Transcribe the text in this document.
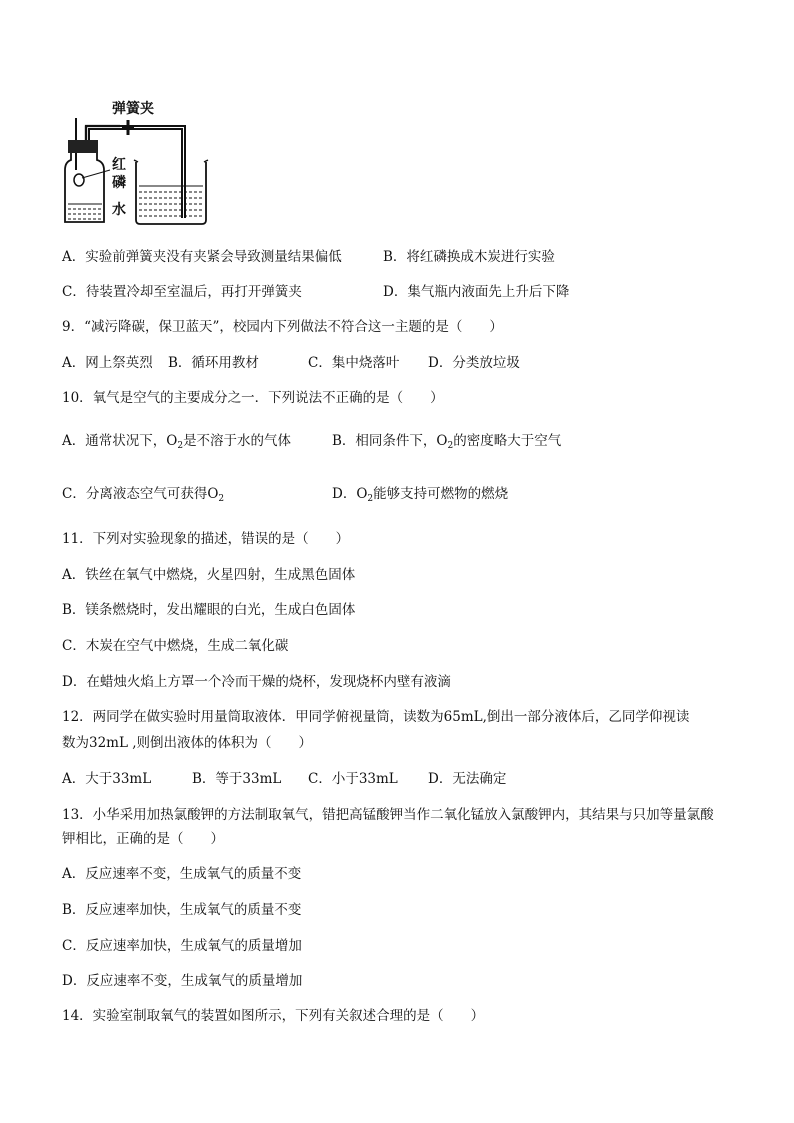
弹簧夹
红
磷
水
A．实验前弹簧夹没有夹紧会导致测量结果偏低	B．将红磷换成木炭进行实验
C．待装置冷却至室温后，再打开弹簧夹	D．集气瓶内液面先上升后下降
9．“减污降碳，保卫蓝天”，校园内下列做法不符合这一主题的是（　　）
A．网上祭英烈 B．循环用教材	C．集中烧落叶 D．分类放垃圾
10．氧气是空气的主要成分之一．下列说法不正确的是（　　）
A．通常状况下，$O_2$是不溶于水的气体	B．相同条件下，$O_2$的密度略大于空气
C．分离液态空气可获得$O_2$	D．$O_2$能够支持可燃物的燃烧
11．下列对实验现象的描述，错误的是（　　）
A．铁丝在氧气中燃烧，火星四射，生成黑色固体
B．镁条燃烧时，发出耀眼的白光，生成白色固体
C．木炭在空气中燃烧，生成二氧化碳
D．在蜡烛火焰上方罩一个冷而干燥的烧杯，发现烧杯内壁有液滴
12．两同学在做实验时用量筒取液体．甲同学俯视量筒，读数为65mL,倒出一部分液体后，乙同学仰视读
数为32mL ,则倒出液体的体积为（　　）
A．大于33mL	B．等于33mL C．小于33mL D．无法确定
13．小华采用加热氯酸钾的方法制取氧气，错把高锰酸钾当作二氧化锰放入氯酸钾内，其结果与只加等量氯酸
钾相比，正确的是（　　）
A．反应速率不变，生成氧气的质量不变
B．反应速率加快，生成氧气的质量不变
C．反应速率加快，生成氧气的质量增加
D．反应速率不变，生成氧气的质量增加
14．实验室制取氧气的装置如图所示，下列有关叙述合理的是（　　）
